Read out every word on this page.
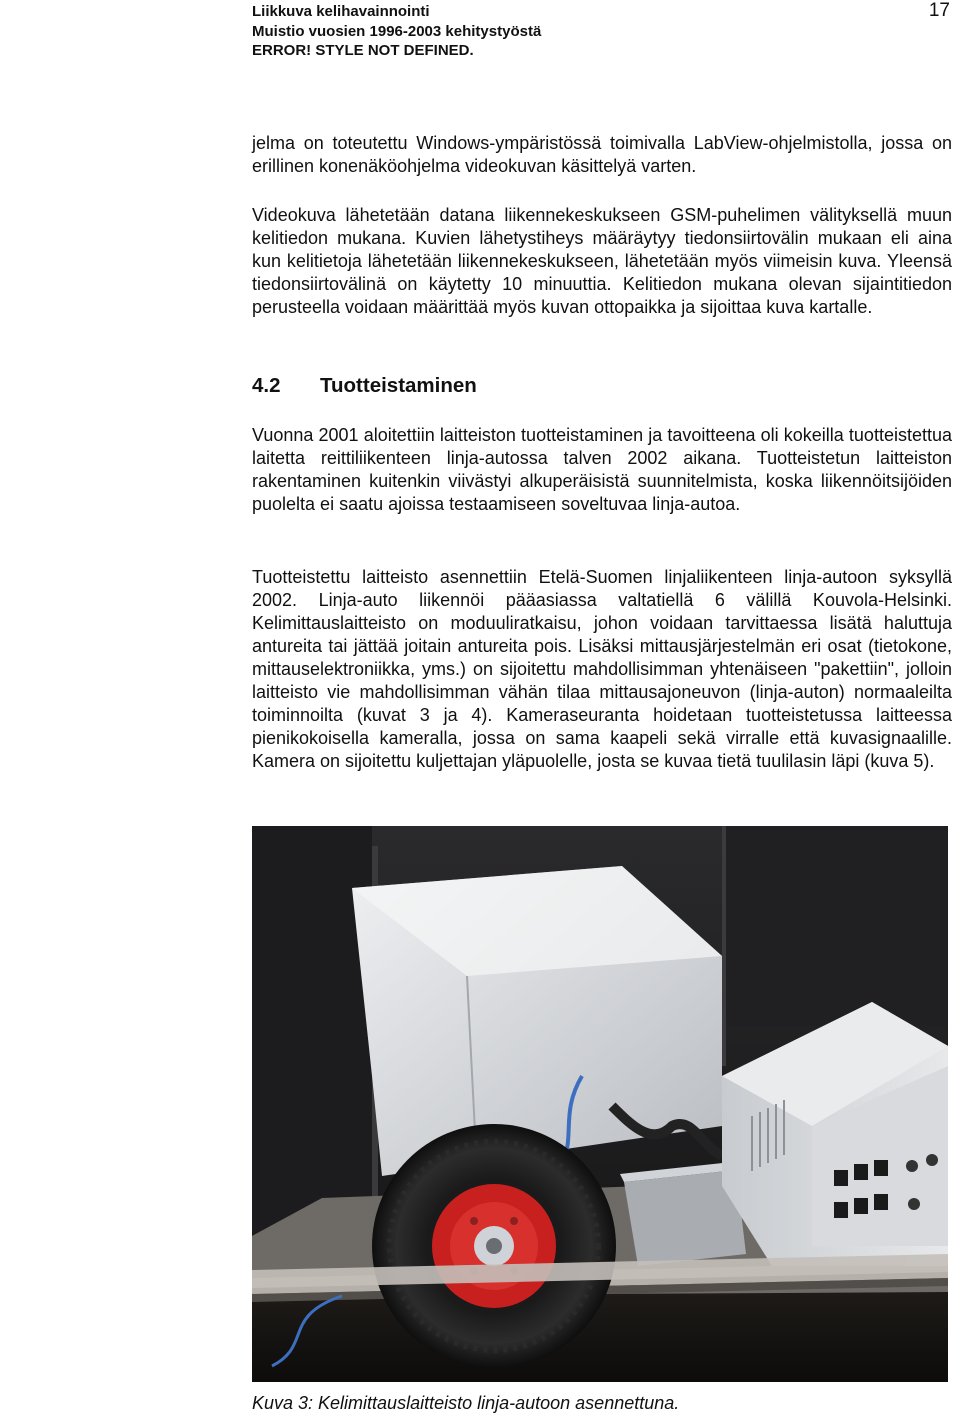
Liikkuva kelihavainnointi
Muistio vuosien 1996-2003 kehitystyöstä
ERROR! STYLE NOT DEFINED.
17

jelma on toteutettu Windows-ympäristössä toimivalla LabView-ohjelmistolla, jossa on erillinen konenäköohjelma videokuvan käsittelyä varten.

Videokuva lähetetään datana liikennekeskukseen GSM-puhelimen välityksellä muun kelitiedon mukana. Kuvien lähetystiheys määräytyy tiedonsiirtovälin mukaan eli aina kun kelitietoja lähetetään liikennekeskukseen, lähetetään myös viimeisin kuva. Yleensä tiedonsiirtovälinä on käytetty 10 minuuttia. Kelitiedon mukana olevan sijaintitiedon perusteella voidaan määrittää myös kuvan ottopaikka ja sijoittaa kuva kartalle.

4.2 Tuotteistaminen

Vuonna 2001 aloitettiin laitteiston tuotteistaminen ja tavoitteena oli kokeilla tuotteistettua laitetta reittiliikenteen linja-autossa talven 2002 aikana. Tuotteistetun laitteiston rakentaminen kuitenkin viivästyi alkuperäisistä suunnitelmista, koska liikennöitsijöiden puolelta ei saatu ajoissa testaamiseen soveltuvaa linja-autoa.

Tuotteistettu laitteisto asennettiin Etelä-Suomen linjaliikenteen linja-autoon syksyllä 2002. Linja-auto liikennöi pääasiassa valtatiellä 6 välillä Kouvola-Helsinki. Kelimittauslaitteisto on moduuliratkaisu, johon voidaan tarvittaessa lisätä haluttuja antureita tai jättää joitain antureita pois. Lisäksi mittausjärjestelmän eri osat (tietokone, mittauselektroniikka, yms.) on sijoitettu mahdollisimman yhtenäiseen "pakettiin", jolloin laitteisto vie mahdollisimman vähän tilaa mittausajoneuvon (linja-auton) normaaleilta toiminnoilta (kuvat 3 ja 4). Kameraseuranta hoidetaan tuotteistetussa laitteessa pienikokoisella kameralla, jossa on sama kaapeli sekä virralle että kuvasignaalille. Kamera on sijoitettu kuljettajan yläpuolelle, josta se kuvaa tietä tuulilasin läpi (kuva 5).

Kuva 3: Kelimittauslaitteisto linja-autoon asennettuna.
